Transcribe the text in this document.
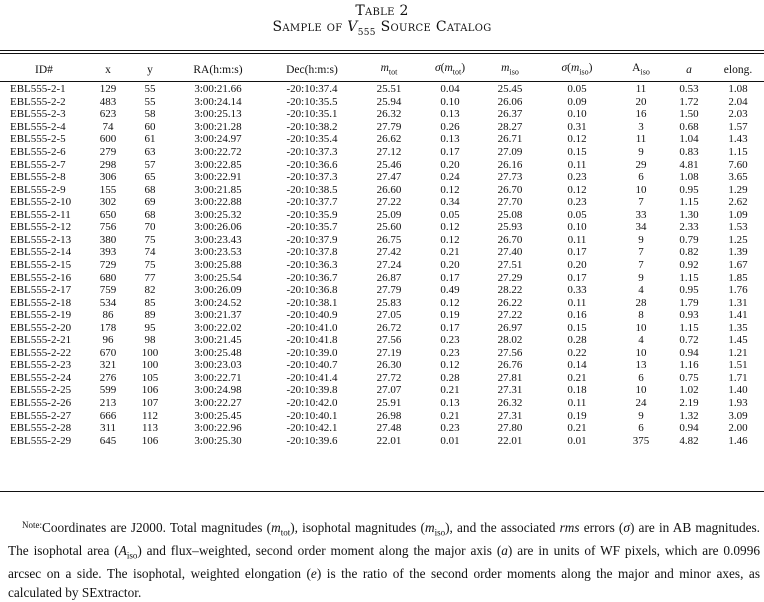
Table 2
Sample of $V_{555}$ Source Catalog
ID#	x	y	RA(h:m:s)	Dec(h:m:s)	$m_{tot}$	$\sigma(m_{tot})$	$m_{iso}$	$\sigma(m_{iso})$	$A_{iso}$	a	elong.
EBL555-2-1	129	55	3:00:21.66	-20:10:37.4	25.51	0.04	25.45	0.05	11	0.53	1.08
EBL555-2-2	483	55	3:00:24.14	-20:10:35.5	25.94	0.10	26.06	0.09	20	1.72	2.04
EBL555-2-3	623	58	3:00:25.13	-20:10:35.1	26.32	0.13	26.37	0.10	16	1.50	2.03
EBL555-2-4	74	60	3:00:21.28	-20:10:38.2	27.79	0.26	28.27	0.31	3	0.68	1.57
EBL555-2-5	600	61	3:00:24.97	-20:10:35.4	26.62	0.13	26.71	0.12	11	1.04	1.43
EBL555-2-6	279	63	3:00:22.72	-20:10:37.3	27.12	0.17	27.09	0.15	9	0.83	1.15
EBL555-2-7	298	57	3:00:22.85	-20:10:36.6	25.46	0.20	26.16	0.11	29	4.81	7.60
EBL555-2-8	306	65	3:00:22.91	-20:10:37.3	27.47	0.24	27.73	0.23	6	1.08	3.65
EBL555-2-9	155	68	3:00:21.85	-20:10:38.5	26.60	0.12	26.70	0.12	10	0.95	1.29
EBL555-2-10	302	69	3:00:22.88	-20:10:37.7	27.22	0.34	27.70	0.23	7	1.15	2.62
EBL555-2-11	650	68	3:00:25.32	-20:10:35.9	25.09	0.05	25.08	0.05	33	1.30	1.09
EBL555-2-12	756	70	3:00:26.06	-20:10:35.7	25.60	0.12	25.93	0.10	34	2.33	1.53
EBL555-2-13	380	75	3:00:23.43	-20:10:37.9	26.75	0.12	26.70	0.11	9	0.79	1.25
EBL555-2-14	393	74	3:00:23.53	-20:10:37.8	27.42	0.21	27.40	0.17	7	0.82	1.39
EBL555-2-15	729	75	3:00:25.88	-20:10:36.3	27.24	0.20	27.51	0.20	7	0.92	1.67
EBL555-2-16	680	77	3:00:25.54	-20:10:36.7	26.87	0.17	27.29	0.17	9	1.15	1.85
EBL555-2-17	759	82	3:00:26.09	-20:10:36.8	27.79	0.49	28.22	0.33	4	0.95	1.76
EBL555-2-18	534	85	3:00:24.52	-20:10:38.1	25.83	0.12	26.22	0.11	28	1.79	1.31
EBL555-2-19	86	89	3:00:21.37	-20:10:40.9	27.05	0.19	27.22	0.16	8	0.93	1.41
EBL555-2-20	178	95	3:00:22.02	-20:10:41.0	26.72	0.17	26.97	0.15	10	1.15	1.35
EBL555-2-21	96	98	3:00:21.45	-20:10:41.8	27.56	0.23	28.02	0.28	4	0.72	1.45
EBL555-2-22	670	100	3:00:25.48	-20:10:39.0	27.19	0.23	27.56	0.22	10	0.94	1.21
EBL555-2-23	321	100	3:00:23.03	-20:10:40.7	26.30	0.12	26.76	0.14	13	1.16	1.51
EBL555-2-24	276	105	3:00:22.71	-20:10:41.4	27.72	0.28	27.81	0.21	6	0.75	1.71
EBL555-2-25	599	106	3:00:24.98	-20:10:39.8	27.07	0.21	27.31	0.18	10	1.02	1.40
EBL555-2-26	213	107	3:00:22.27	-20:10:42.0	25.91	0.13	26.32	0.11	24	2.19	1.93
EBL555-2-27	666	112	3:00:25.45	-20:10:40.1	26.98	0.21	27.31	0.19	9	1.32	3.09
EBL555-2-28	311	113	3:00:22.96	-20:10:42.1	27.48	0.23	27.80	0.21	6	0.94	2.00
EBL555-2-29	645	106	3:00:25.30	-20:10:39.6	22.01	0.01	22.01	0.01	375	4.82	1.46
$^{Note:}$Coordinates are J2000. Total magnitudes $(m_{tot})$, isophotal magnitudes $(m_{iso})$, and the associated rms errors (σ) are in AB magnitudes. The isophotal area $(A_{iso})$ and flux–weighted, second order moment along the major axis (a) are in units of WF pixels, which are 0.0996 arcsec on a side. The isophotal, weighted elongation (e) is the ratio of the second order moments along the major and minor axes, as calculated by SExtractor.
